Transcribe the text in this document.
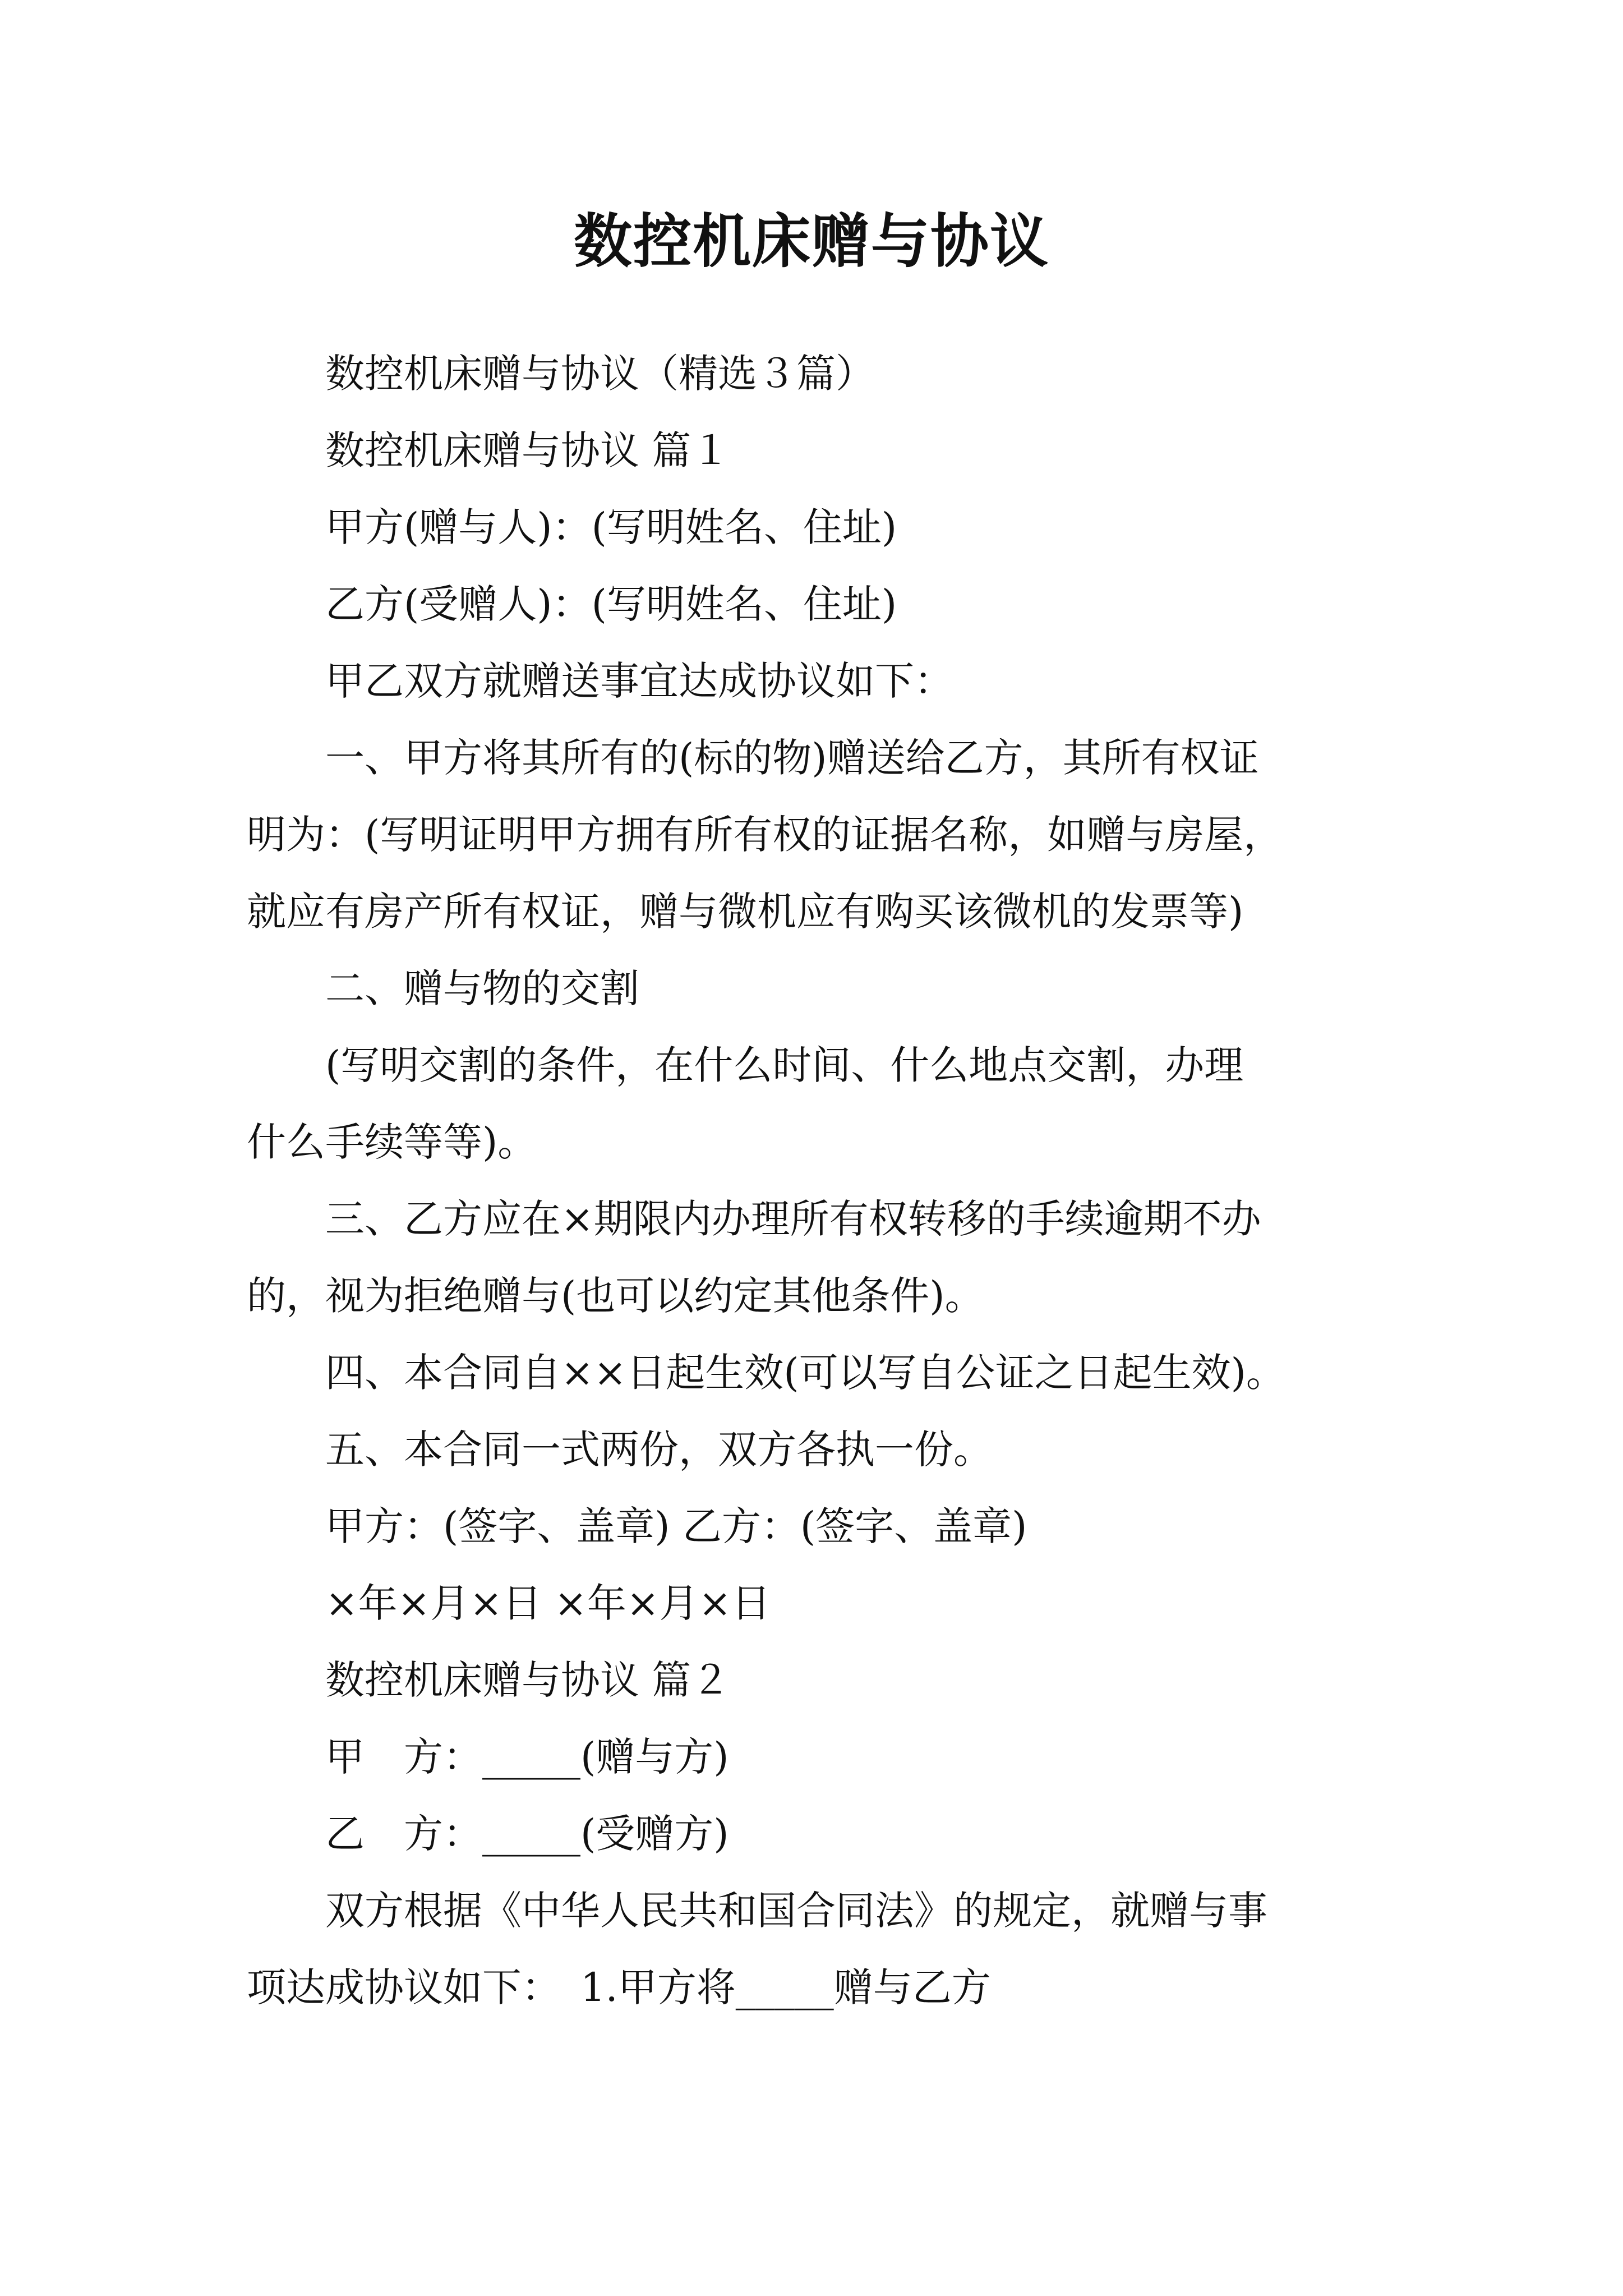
数控机床赠与协议
数控机床赠与协议（精选３篇）
数控机床赠与协议 篇１
甲方(赠与人)：(写明姓名、住址)
乙方(受赠人)：(写明姓名、住址)
甲乙双方就赠送事宜达成协议如下：
一、甲方将其所有的(标的物)赠送给乙方，其所有权证
明为：(写明证明甲方拥有所有权的证据名称，如赠与房屋，
就应有房产所有权证，赠与微机应有购买该微机的发票等)
二、赠与物的交割
(写明交割的条件，在什么时间、什么地点交割，办理
什么手续等等)。
三、乙方应在×期限内办理所有权转移的手续逾期不办
的，视为拒绝赠与(也可以约定其他条件)。
四、本合同自××日起生效(可以写自公证之日起生效)。
五、本合同一式两份，双方各执一份。
甲方：(签字、盖章) 乙方：(签字、盖章)
×年×月×日 ×年×月×日
数控机床赠与协议 篇２
甲　方：_____(赠与方)
乙　方：_____(受赠方)
双方根据《中华人民共和国合同法》的规定，就赠与事
项达成协议如下：　1.甲方将_____赠与乙方
